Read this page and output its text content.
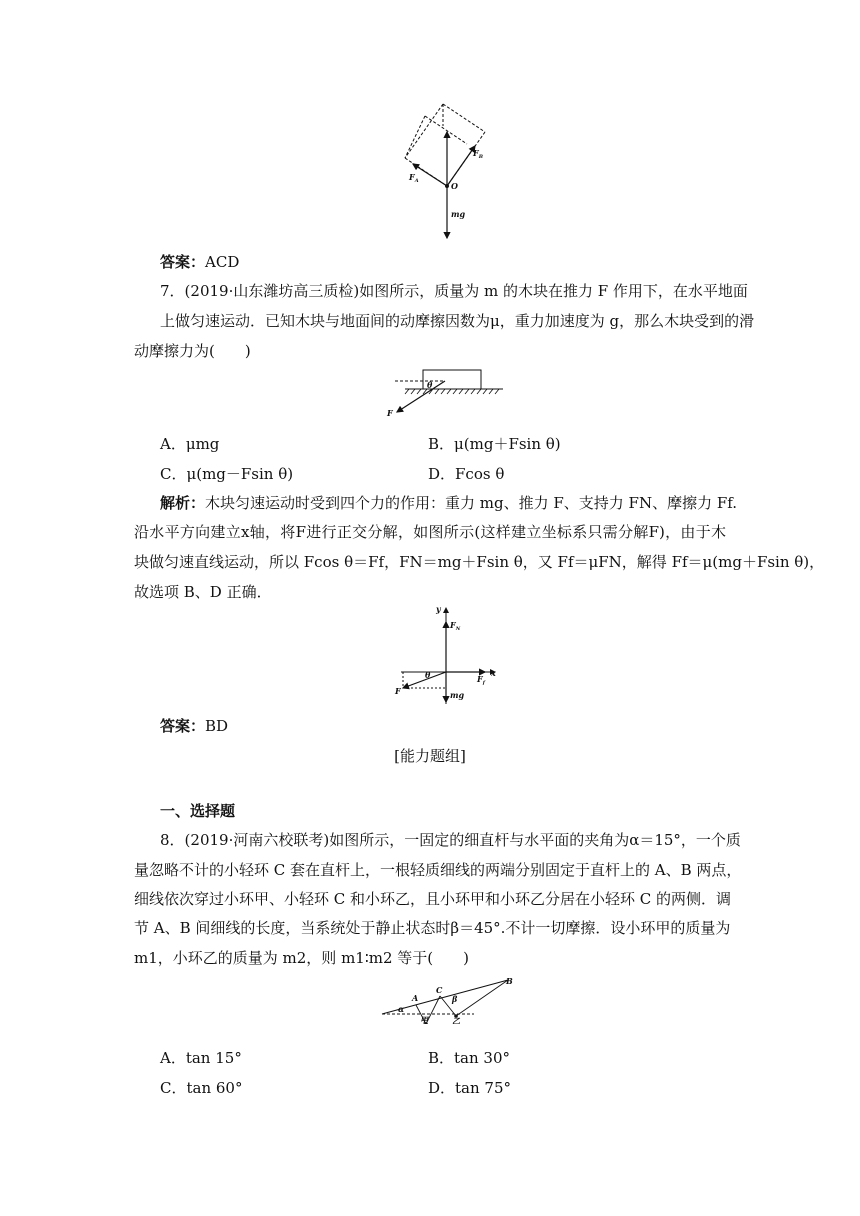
$F_A$
$F_B$
O
mg
答案：ACD
7．(2019·山东潍坊高三质检)如图所示，质量为 m 的木块在推力 F 作用下，在水平地面
上做匀速运动．已知木块与地面间的动摩擦因数为μ，重力加速度为 g，那么木块受到的滑
动摩擦力为(　　)
θ
F
A．μmg	B．μ(mg＋Fsin θ)
C．μ(mg－Fsin θ)	D．Fcos θ
解析：木块匀速运动时受到四个力的作用：重力 mg、推力 F、支持力 FN、摩擦力 Ff.
沿水平方向建立x轴，将F进行正交分解，如图所示(这样建立坐标系只需分解F)，由于木
块做匀速直线运动，所以 Fcos θ＝Ff，FN＝mg＋Fsin θ，又 Ff＝μFN，解得 Ff＝μ(mg＋Fsin θ)，
故选项 B、D 正确．
y
$F_N$
x
$F_f$
θ
F	mg
答案：BD
[能力题组]
一、选择题
8．(2019·河南六校联考)如图所示，一固定的细直杆与水平面的夹角为α＝15°，一个质
量忽略不计的小轻环 C 套在直杆上，一根轻质细线的两端分别固定于直杆上的 A、B 两点，
细线依次穿过小环甲、小轻环 C 和小环乙，且小环甲和小环乙分居在小轻环 C 的两侧．调
节 A、B 间细线的长度，当系统处于静止状态时β＝45°.不计一切摩擦．设小环甲的质量为
m1，小环乙的质量为 m2，则 m1∶m2 等于(　　)
A
C
B
α
β
甲	乙
A．tan 15°	B．tan 30°
C．tan 60°	D．tan 75°
